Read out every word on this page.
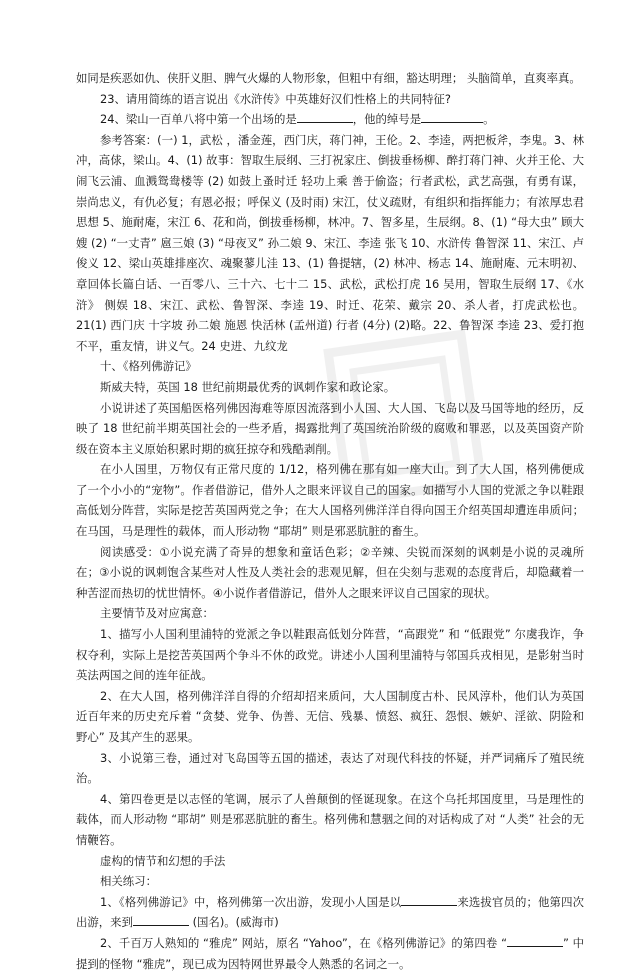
如同是疾恶如仇、侠肝义胆、脾气火爆的人物形象，但粗中有细，豁达明理； 头脑简单，直爽率真。

23、请用简练的语言说出《水浒传》中英雄好汉们性格上的共同特征?

24、梁山一百单八将中第一个出场的是	，他的绰号是	。

参考答案：(一) 1，武松 ，潘金莲，西门庆，蒋门神，王伦。2、李逵，两把板斧，李鬼。3、林冲，高俅，梁山。4、(1) 故事：智取生辰纲、三打祝家庄、倒拔垂杨柳、醉打蒋门神、火并王伦、大闹飞云浦、血溅鸳鸯楼等 (2) 如鼓上蚤时迁 轻功上乘 善于偷盗；行者武松，武艺高强，有勇有谋，崇尚忠义，有仇必复；有恩必报；呼保义 (及时雨) 宋江，仗义疏财，有组织和指挥能力；有浓厚忠君思想 5、施耐庵，宋江 6、花和尚，倒拔垂杨柳，林冲。7、智多星，生辰纲。8、(1) “母大虫” 顾大嫂 (2) “一丈青” 扈三娘 (3) “母夜叉” 孙二娘 9、宋江、李逵 张飞 10、水浒传 鲁智深 11、宋江、卢俊义 12、梁山英雄排座次、魂聚蓼儿洼 13、(1) 鲁提辖，(2) 林冲、杨志 14、施耐庵、元末明初、章回体长篇白话、一百零八、三十六、七十二 15、武松，武松打虎 16 吴用，智取生辰纲 17、《水浒》 侧娱 18、宋江、武松、鲁智深、李逵 19、时迁、花荣、戴宗 20、杀人者，打虎武松也。21(1) 西门庆 十字坡 孙二娘 施恩 快活林 (孟州道) 行者 (4分) (2)略。22、鲁智深 李逵 23、爱打抱不平，重友情，讲义气。24 史进、九纹龙

十、《格列佛游记》

斯威夫特，英国 18 世纪前期最优秀的讽刺作家和政论家。

小说讲述了英国船医格列佛因海难等原因流落到小人国、大人国、飞岛以及马国等地的经历，反映了 18 世纪前半期英国社会的一些矛盾，揭露批判了英国统治阶级的腐败和罪恶，以及英国资产阶级在资本主义原始积累时期的疯狂掠夺和残酷剥削。

在小人国里，万物仅有正常尺度的 1/12，格列佛在那有如一座大山。到了大人国，格列佛便成了一个小小的“宠物”。作者借游记，借外人之眼来评议自己的国家。如描写小人国的党派之争以鞋跟高低划分阵营，实际是挖苦英国两党之争；在大人国格列佛洋洋自得向国王介绍英国却遭连串质问；在马国，马是理性的载体，而人形动物 “耶胡” 则是邪恶肮脏的畜生。

阅读感受：①小说充满了奇异的想象和童话色彩；②辛辣、尖锐而深刻的讽刺是小说的灵魂所在；③小说的讽刺饱含某些对人性及人类社会的悲观见解，但在尖刻与悲观的态度背后，却隐藏着一种苦涩而热切的忧世情怀。④小说作者借游记，借外人之眼来评议自己国家的现状。

主要情节及对应寓意：

1、描写小人国利里浦特的党派之争以鞋跟高低划分阵营，“高跟党” 和 “低跟党” 尔虞我诈，争权夺利，实际上是挖苦英国两个争斗不休的政党。讲述小人国利里浦特与邻国兵戎相见，是影射当时英法两国之间的连年征战。

2、在大人国，格列佛洋洋自得的介绍却招来质问，大人国制度古朴、民风淳朴，他们认为英国近百年来的历史充斥着 “贪婪、党争、伪善、无信、残暴、愤怒、疯狂、怨恨、嫉妒、淫欲、阴险和野心” 及其产生的恶果。

3、小说第三卷，通过对飞岛国等五国的描述，表达了对现代科技的怀疑，并严词痛斥了殖民统治。

4、第四卷更是以志怪的笔调，展示了人兽颠倒的怪诞现象。在这个乌托邦国度里，马是理性的载体，而人形动物 “耶胡” 则是邪恶肮脏的畜生。格列佛和慧骃之间的对话构成了对 “人类” 社会的无情鞭笞。

虚构的情节和幻想的手法

相关练习：

1、《格列佛游记》中，格列佛第一次出游，发现小人国是以	来选拔官员的；他第四次出游，来到	(国名)。(威海市)

2、千百万人熟知的 “雅虎” 网站，原名 “Yahoo”，在《格列佛游记》的第四卷 “	” 中提到的怪物 “雅虎”，现已成为因特网世界最令人熟悉的名词之一。
